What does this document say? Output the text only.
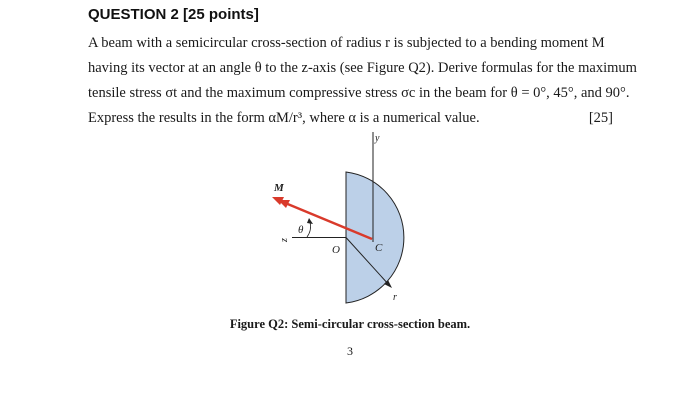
QUESTION 2 [25 points]
A beam with a semicircular cross-section of radius r is subjected to a bending moment M
having its vector at an angle θ to the z-axis (see Figure Q2). Derive formulas for the maximum
tensile stress σt and the maximum compressive stress σc in the beam for θ = 0°, 45°, and 90°.
Express the results in the form αM/r³, where α is a numerical value.	[25]
y
z
M
θ
O	C
r
Figure Q2: Semi-circular cross-section beam.
3
